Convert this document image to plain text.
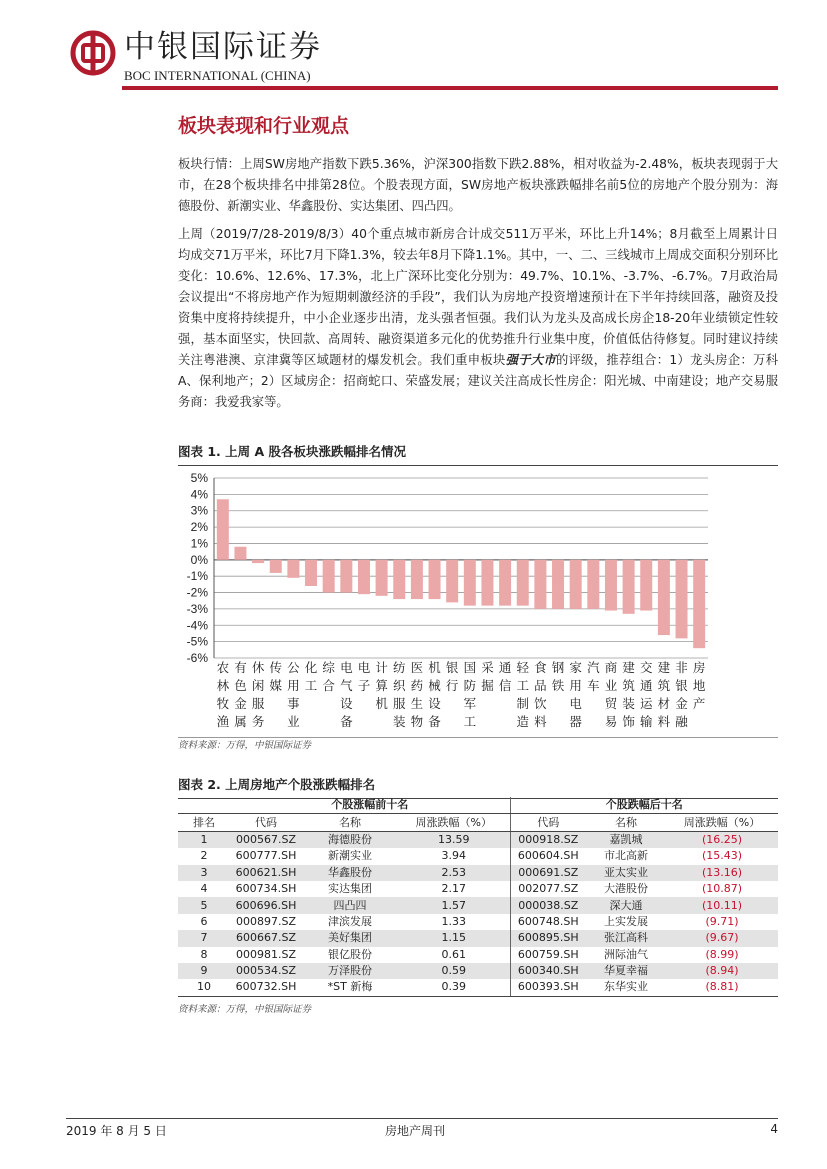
中银国际证券
BOC INTERNATIONAL (CHINA)
板块表现和行业观点
板块行情：上周SW房地产指数下跌5.36%，沪深300指数下跌2.88%，相对收益为-2.48%，板块表现弱于大市，在28个板块排名中排第28位。个股表现方面，SW房地产板块涨跌幅排名前5位的房地产个股分别为：海德股份、新潮实业、华鑫股份、实达集团、四凸四。
上周（2019/7/28-2019/8/3）40个重点城市新房合计成交511万平米，环比上升14%；8月截至上周累计日均成交71万平米，环比7月下降1.3%，较去年8月下降1.1%。其中，一、二、三线城市上周成交面积分别环比变化：10.6%、12.6%、17.3%，北上广深环比变化分别为：49.7%、10.1%、-3.7%、-6.7%。7月政治局会议提出“不将房地产作为短期刺激经济的手段”，我们认为房地产投资增速预计在下半年持续回落，融资及投资集中度将持续提升，中小企业逐步出清，龙头强者恒强。我们认为龙头及高成长房企18-20年业绩锁定性较强，基本面坚实，快回款、高周转、融资渠道多元化的优势推升行业集中度，价值低估待修复。同时建议持续关注粤港澳、京津冀等区域题材的爆发机会。我们重申板块强于大市的评级，推荐组合：1）龙头房企：万科A、保利地产；2）区域房企：招商蛇口、荣盛发展；建议关注高成长性房企：阳光城、中南建设；地产交易服务商：我爱我家等。
图表 1. 上周 A 股各板块涨跌幅排名情况
5%
4%
3%
2%
1%
0%
-1%
-2%
-3%
-4%
-5%
-6%
农林牧渔
有色金属
休闲服务
传媒
公用事业
化工
综合
电气设备
电子
计算机
纺织服装
医药生物
机械设备
银行
国防军工
采掘
通信
轻工制造
食品饮料
钢铁
家用电器
汽车
商业贸易
建筑装饰
交通运输
建筑材料
非银金融
房地产
资料来源：万得，中银国际证券
图表 2. 上周房地产个股涨跌幅排名
	个股涨幅前十名			个股跌幅后十名		
排名	代码	名称	周涨跌幅（%）	代码	名称	周涨跌幅（%）
1	000567.SZ	海德股份	13.59	000918.SZ	嘉凯城	(16.25)
2	600777.SH	新潮实业	3.94	600604.SH	市北高新	(15.43)
3	600621.SH	华鑫股份	2.53	000691.SZ	亚太实业	(13.16)
4	600734.SH	实达集团	2.17	002077.SZ	大港股份	(10.87)
5	600696.SH	四凸四	1.57	000038.SZ	深大通	(10.11)
6	000897.SZ	津滨发展	1.33	600748.SH	上实发展	(9.71)
7	600667.SZ	美好集团	1.15	600895.SH	张江高科	(9.67)
8	000981.SZ	银亿股份	0.61	600759.SH	洲际油气	(8.99)
9	000534.SZ	万泽股份	0.59	600340.SH	华夏幸福	(8.94)
10	600732.SH	*ST 新梅	0.39	600393.SH	东华实业	(8.81)
资料来源：万得，中银国际证券
2019 年 8 月 5 日	房地产周刊	4
